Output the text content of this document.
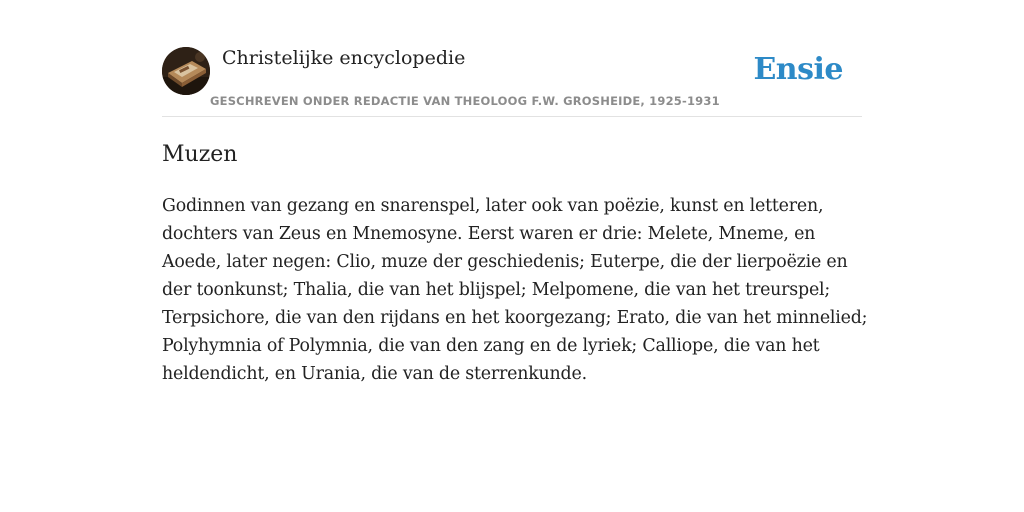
Christelijke encyclopedie
GESCHREVEN ONDER REDACTIE VAN THEOLOOG F.W. GROSHEIDE, 1925-1931
Ensie
Muzen

Godinnen van gezang en snarenspel, later ook van poëzie, kunst en letteren, dochters van Zeus en Mnemosyne. Eerst waren er drie: Melete, Mneme, en Aoede, later negen: Clio, muze der geschiedenis; Euterpe, die der lierpoëzie en der toonkunst; Thalia, die van het blijspel; Melpomene, die van het treurspel; Terpsichore, die van den rijdans en het koorgezang; Erato, die van het minnelied; Polyhymnia of Polymnia, die van den zang en de lyriek; Calliope, die van het heldendicht, en Urania, die van de sterrenkunde.
